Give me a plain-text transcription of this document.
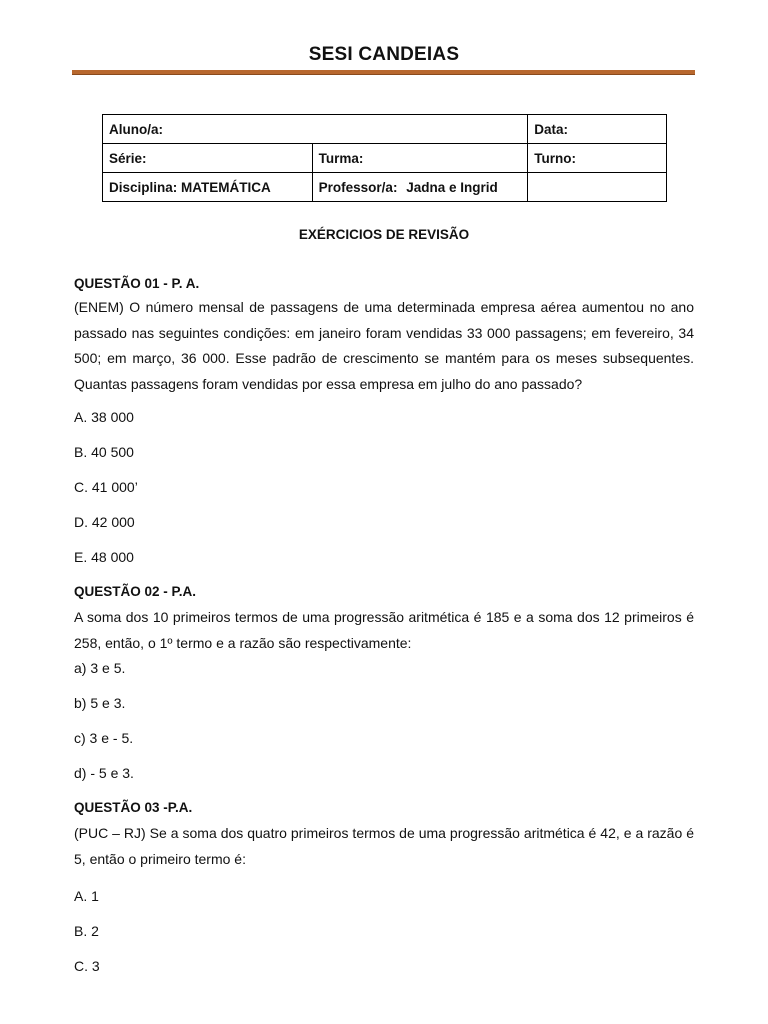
SESI CANDEIAS
Aluno/a:		Data:
Série:	Turma:	Turno:
Disciplina: MATEMÁTICA	Professor/a: Jadna e Ingrid	
EXÉRCICIOS DE REVISÃO
QUESTÃO 01 - P. A.
(ENEM) O número mensal de passagens de uma determinada empresa aérea aumentou no ano passado nas seguintes condições: em janeiro foram vendidas 33 000 passagens; em fevereiro, 34 500; em março, 36 000. Esse padrão de crescimento se mantém para os meses subsequentes. Quantas passagens foram vendidas por essa empresa em julho do ano passado?
A. 38 000
B. 40 500
C. 41 000’
D. 42 000
E. 48 000
QUESTÃO 02 - P.A.
A soma dos 10 primeiros termos de uma progressão aritmética é 185 e a soma dos 12 primeiros é 258, então, o 1º termo e a razão são respectivamente:
a) 3 e 5.
b) 5 e 3.
c) 3 e - 5.
d) - 5 e 3.
QUESTÃO 03 -P.A.
(PUC – RJ) Se a soma dos quatro primeiros termos de uma progressão aritmética é 42, e a razão é 5, então o primeiro termo é:
A. 1
B. 2
C. 3
